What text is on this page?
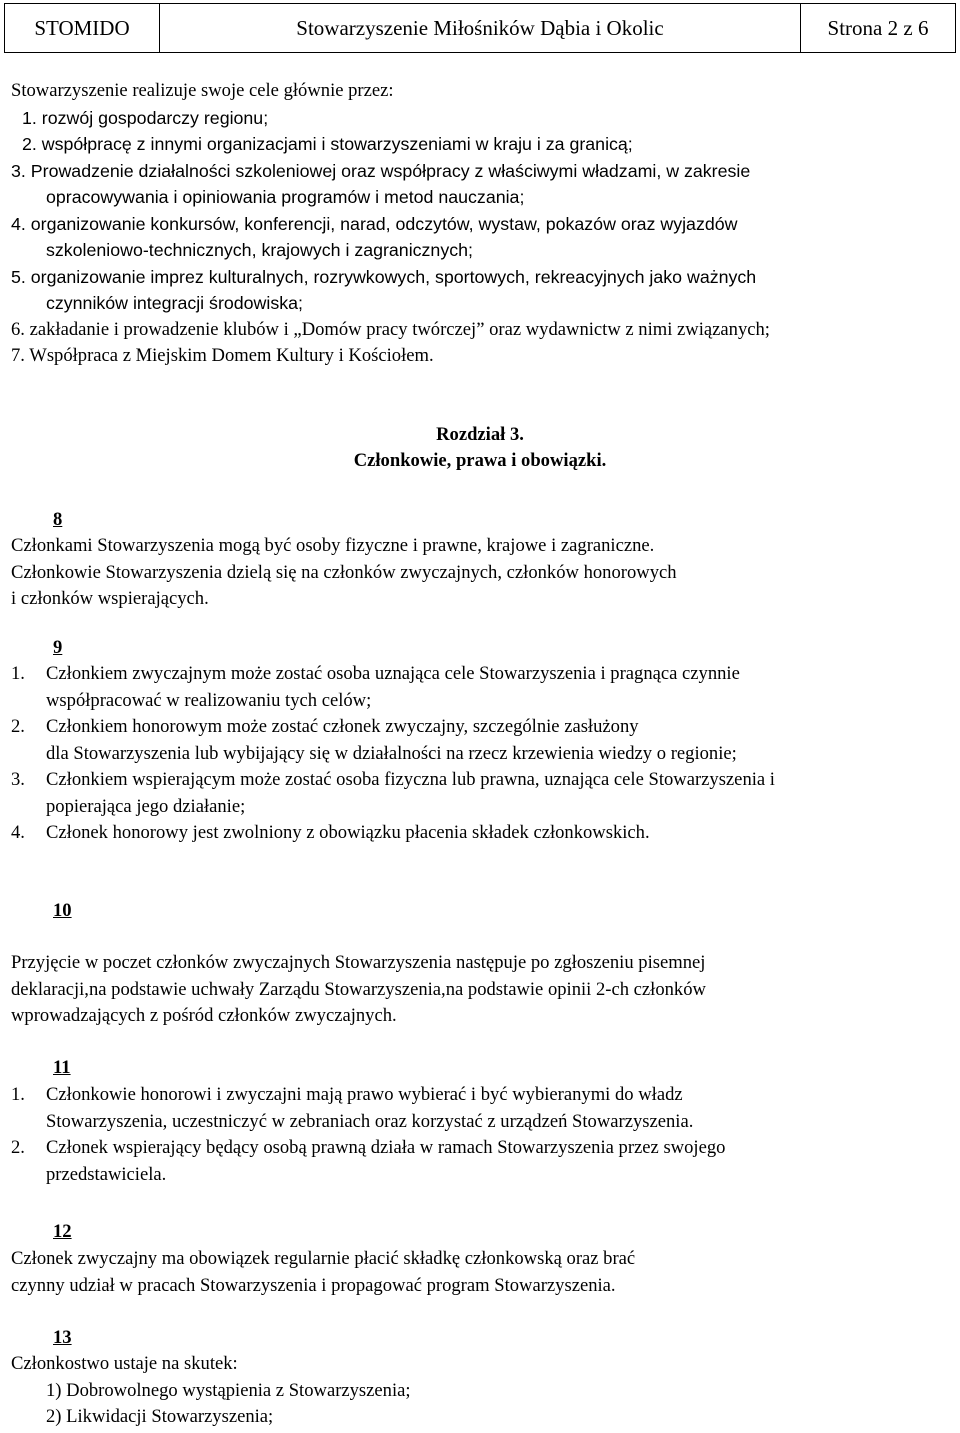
STOMIDO	Stowarzyszenie Miłośników Dąbia i Okolic	Strona 2 z 6
Stowarzyszenie realizuje swoje cele głównie przez:
1. rozwój gospodarczy regionu;
2. współpracę z innymi organizacjami i stowarzyszeniami w kraju i za granicą;
3. Prowadzenie działalności szkoleniowej oraz współpracy z właściwymi władzami, w zakresie
opracowywania i opiniowania programów i metod nauczania;
4. organizowanie konkursów, konferencji, narad, odczytów, wystaw, pokazów oraz wyjazdów
szkoleniowo-technicznych, krajowych i zagranicznych;
5. organizowanie imprez kulturalnych, rozrywkowych, sportowych, rekreacyjnych jako ważnych
czynników integracji środowiska;
6. zakładanie i prowadzenie klubów i „Domów pracy twórczej” oraz wydawnictw z nimi związanych;
7. Współpraca z Miejskim Domem Kultury i Kościołem.
Rozdział 3.
Członkowie, prawa i obowiązki.
8
Członkami Stowarzyszenia mogą być osoby fizyczne i prawne, krajowe i zagraniczne.
Członkowie Stowarzyszenia dzielą się na członków zwyczajnych, członków honorowych
i członków wspierających.
9
1. Członkiem zwyczajnym może zostać osoba uznająca cele Stowarzyszenia i pragnąca czynnie
współpracować w realizowaniu tych celów;
2. Członkiem honorowym może zostać członek zwyczajny, szczególnie zasłużony
dla Stowarzyszenia lub wybijający się w działalności na rzecz krzewienia wiedzy o regionie;
3. Członkiem wspierającym może zostać osoba fizyczna lub prawna, uznająca cele Stowarzyszenia i
popierająca jego działanie;
4. Członek honorowy jest zwolniony z obowiązku płacenia składek członkowskich.
10
Przyjęcie w poczet członków zwyczajnych Stowarzyszenia następuje po zgłoszeniu pisemnej
deklaracji,na podstawie uchwały Zarządu Stowarzyszenia,na podstawie opinii 2-ch członków
wprowadzających z pośród członków zwyczajnych.
11
1. Członkowie honorowi i zwyczajni mają prawo wybierać i być wybieranymi do władz
Stowarzyszenia, uczestniczyć w zebraniach oraz korzystać z urządzeń Stowarzyszenia.
2. Członek wspierający będący osobą prawną działa w ramach Stowarzyszenia przez swojego
przedstawiciela.
12
Członek zwyczajny ma obowiązek regularnie płacić składkę członkowską oraz brać
czynny udział w pracach Stowarzyszenia i propagować program Stowarzyszenia.
13
Członkostwo ustaje na skutek:
1) Dobrowolnego wystąpienia z Stowarzyszenia;
2) Likwidacji Stowarzyszenia;
